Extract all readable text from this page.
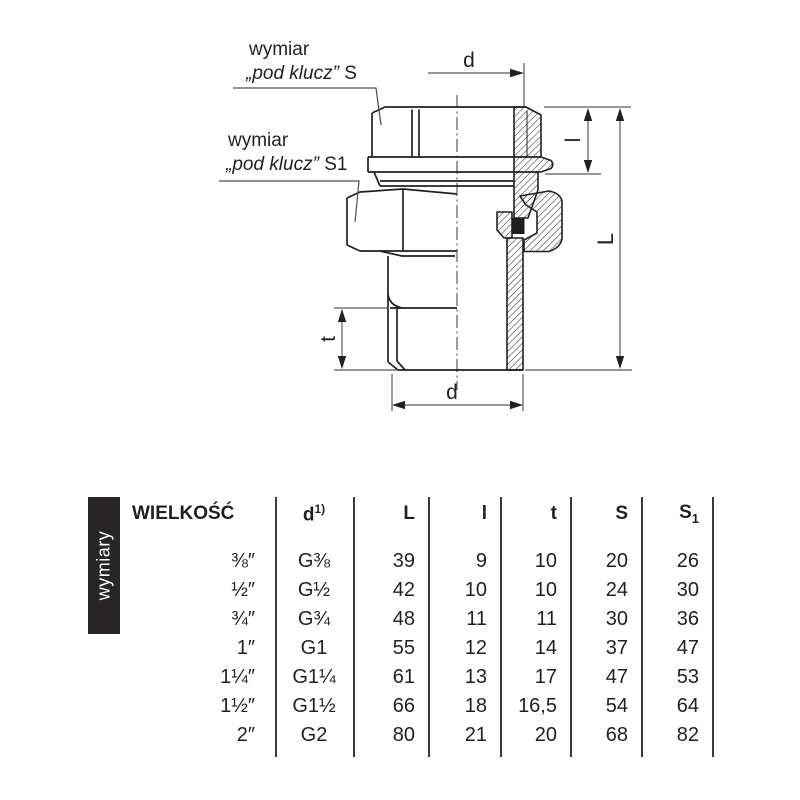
d
l
L
t
d
wymiar
„pod klucz” S
wymiar
„pod klucz” S1
wymiary
WIELKOŚĆ	$d^{1)}$	L	l	t	S	$S_1$
⅜″	G⅜	39	9	10	20	26
½″	G½	42	10	10	24	30
¾″	G¾	48	11	11	30	36
1″	G1	55	12	14	37	47
1¼″	G1¼	61	13	17	47	53
1½″	G1½	66	18	16,5	54	64
2″	G2	80	21	20	68	82
